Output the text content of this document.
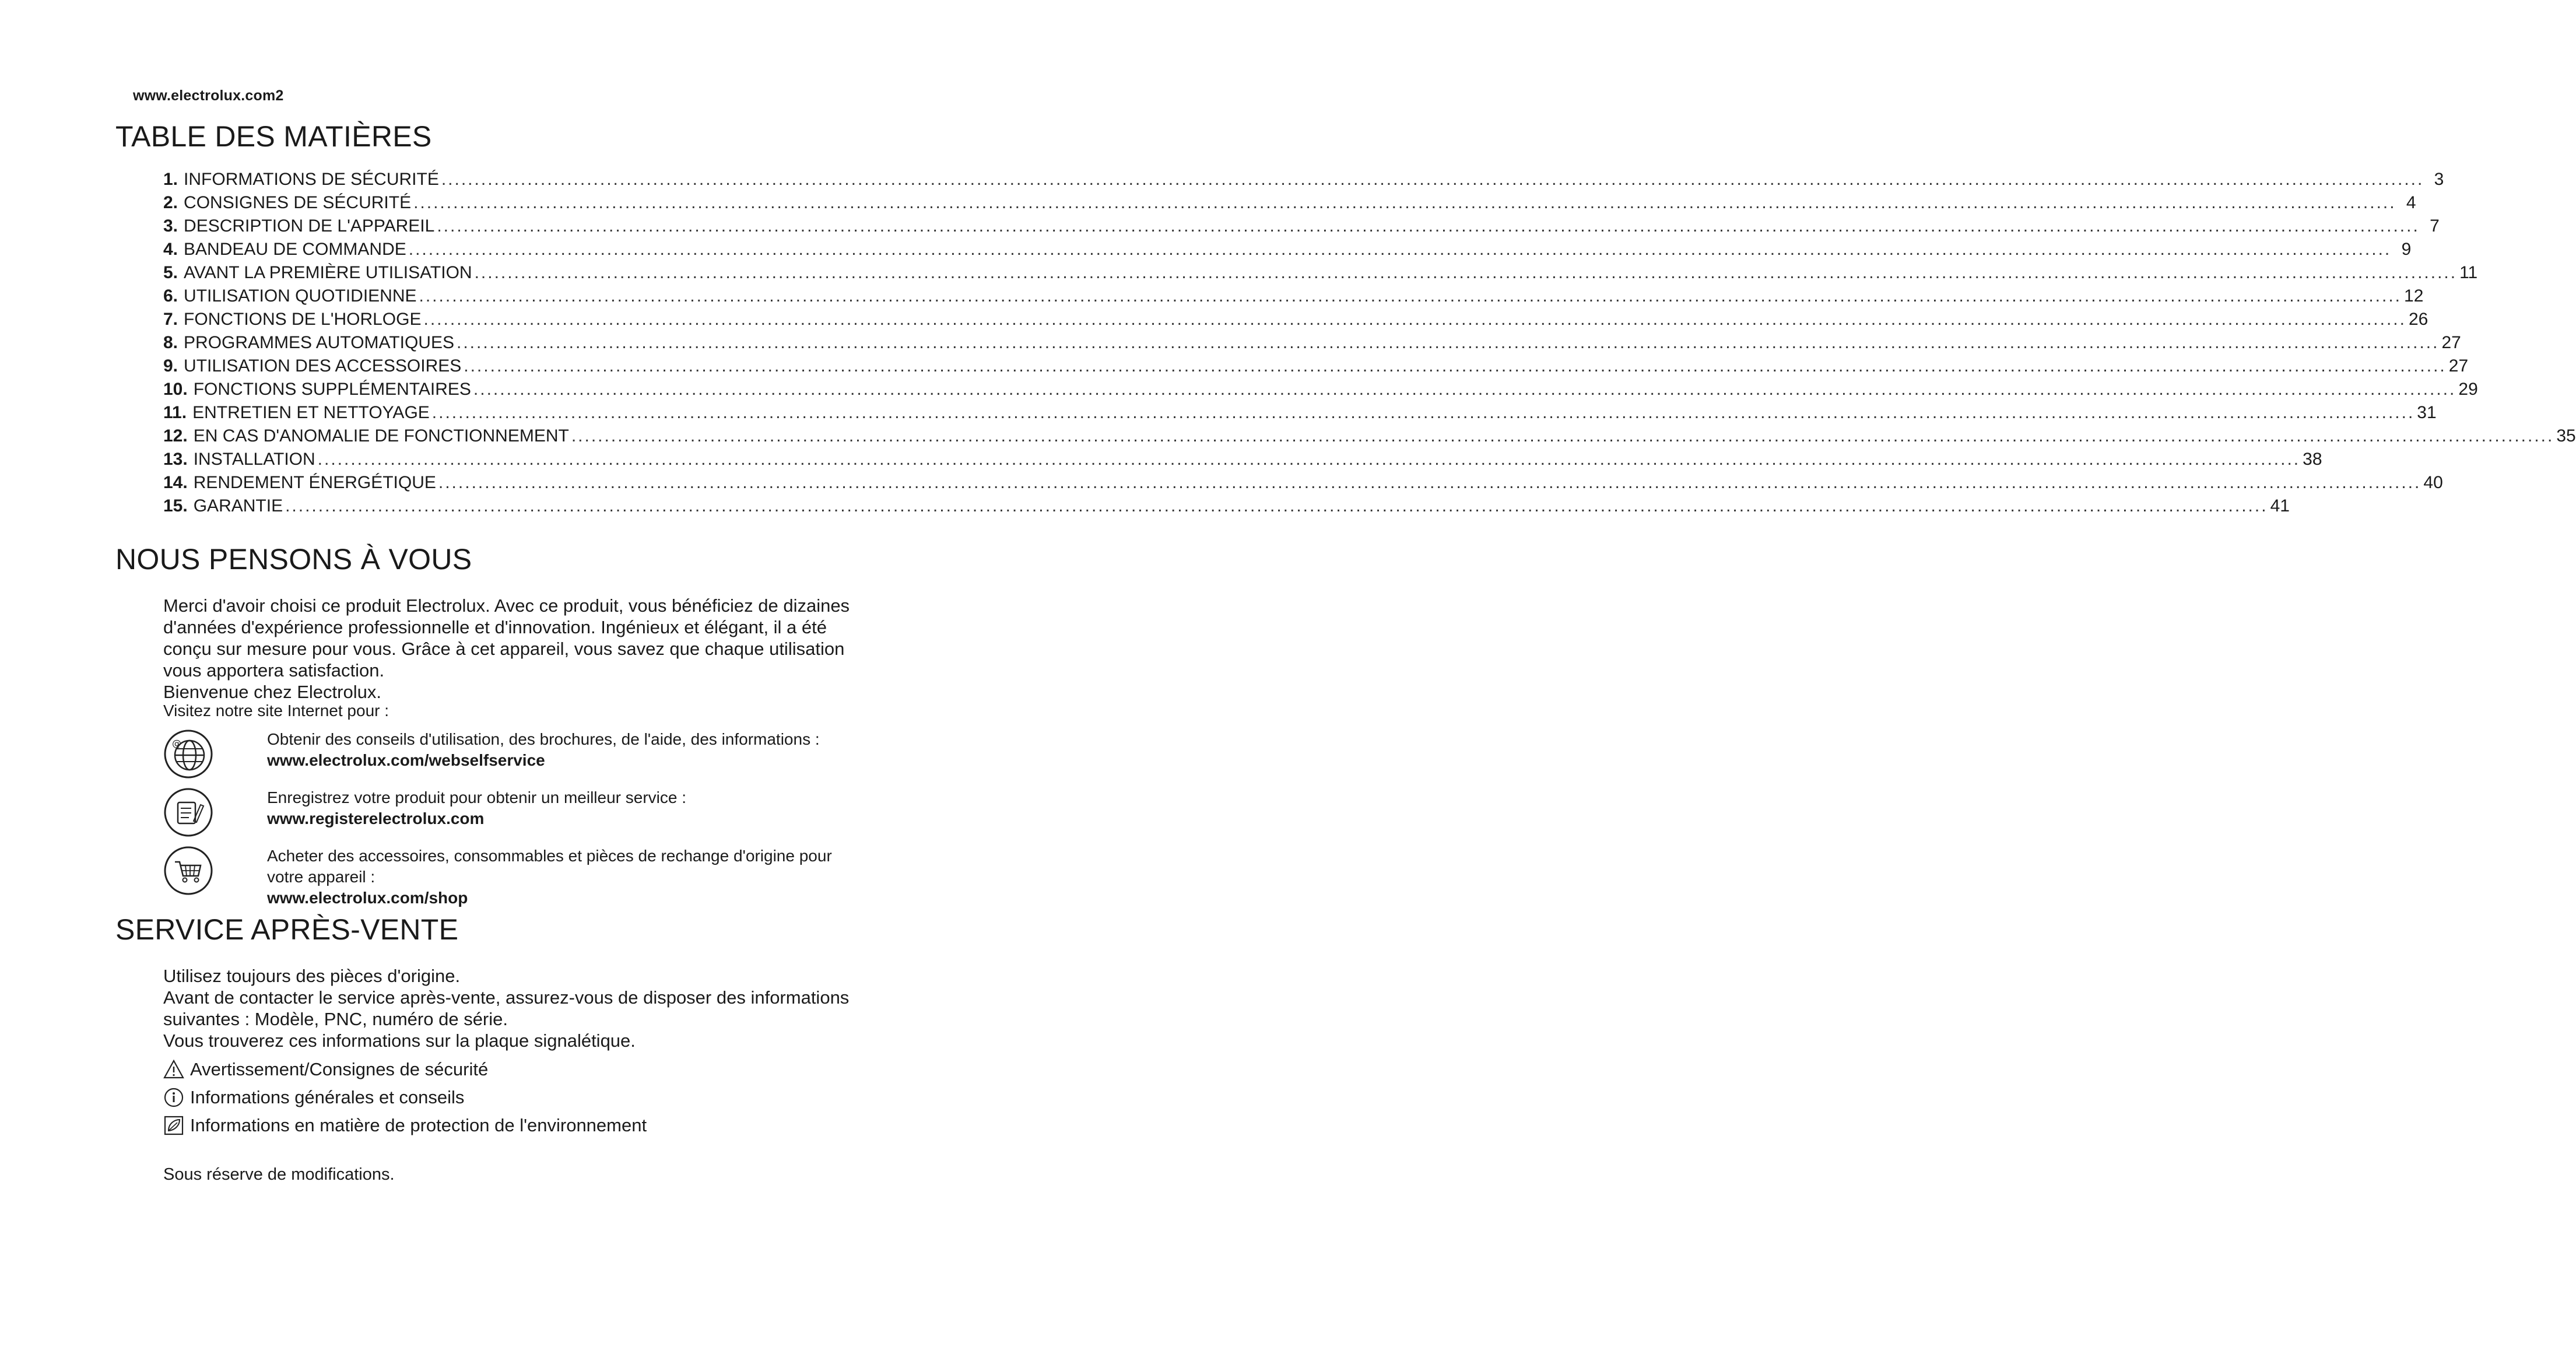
www.electrolux.com2
TABLE DES MATIÈRES
1. INFORMATIONS DE SÉCURITÉ ............................................................................................................................................................................................................................................................................................................ 3
2. CONSIGNES DE SÉCURITÉ ............................................................................................................................................................................................................................................................................................................ 4
3. DESCRIPTION DE L'APPAREIL ............................................................................................................................................................................................................................................................................................................ 7
4. BANDEAU DE COMMANDE ............................................................................................................................................................................................................................................................................................................ 9
5. AVANT LA PREMIÈRE UTILISATION ............................................................................................................................................................................................................................................................................................................ 11
6. UTILISATION QUOTIDIENNE ............................................................................................................................................................................................................................................................................................................ 12
7. FONCTIONS DE L'HORLOGE ............................................................................................................................................................................................................................................................................................................ 26
8. PROGRAMMES AUTOMATIQUES ............................................................................................................................................................................................................................................................................................................ 27
9. UTILISATION DES ACCESSOIRES ............................................................................................................................................................................................................................................................................................................ 27
10. FONCTIONS SUPPLÉMENTAIRES ............................................................................................................................................................................................................................................................................................................ 29
11. ENTRETIEN ET NETTOYAGE ............................................................................................................................................................................................................................................................................................................ 31
12. EN CAS D'ANOMALIE DE FONCTIONNEMENT ............................................................................................................................................................................................................................................................................................................ 35
13. INSTALLATION ............................................................................................................................................................................................................................................................................................................ 38
14. RENDEMENT ÉNERGÉTIQUE ............................................................................................................................................................................................................................................................................................................ 40
15. GARANTIE ............................................................................................................................................................................................................................................................................................................ 41
NOUS PENSONS À VOUS

Merci d'avoir choisi ce produit Electrolux. Avec ce produit, vous bénéficiez de dizaines d'années d'expérience professionnelle et d'innovation. Ingénieux et élégant, il a été conçu sur mesure pour vous. Grâce à cet appareil, vous savez que chaque utilisation vous apportera satisfaction.

Bienvenue chez Electrolux.

Visitez notre site Internet pour :
@	Obtenir des conseils d'utilisation, des brochures, de l'aide, des informations :
www.electrolux.com/webselfservice
Enregistrez votre produit pour obtenir un meilleur service :
www.registerelectrolux.com
Acheter des accessoires, consommables et pièces de rechange d'origine pour votre appareil :
www.electrolux.com/shop
SERVICE APRÈS-VENTE

Utilisez toujours des pièces d'origine.

Avant de contacter le service après-vente, assurez-vous de disposer des informations suivantes : Modèle, PNC, numéro de série.

Vous trouverez ces informations sur la plaque signalétique.

Avertissement/Consignes de sécurité
Informations générales et conseils
Informations en matière de protection de l'environnement
Sous réserve de modifications.
